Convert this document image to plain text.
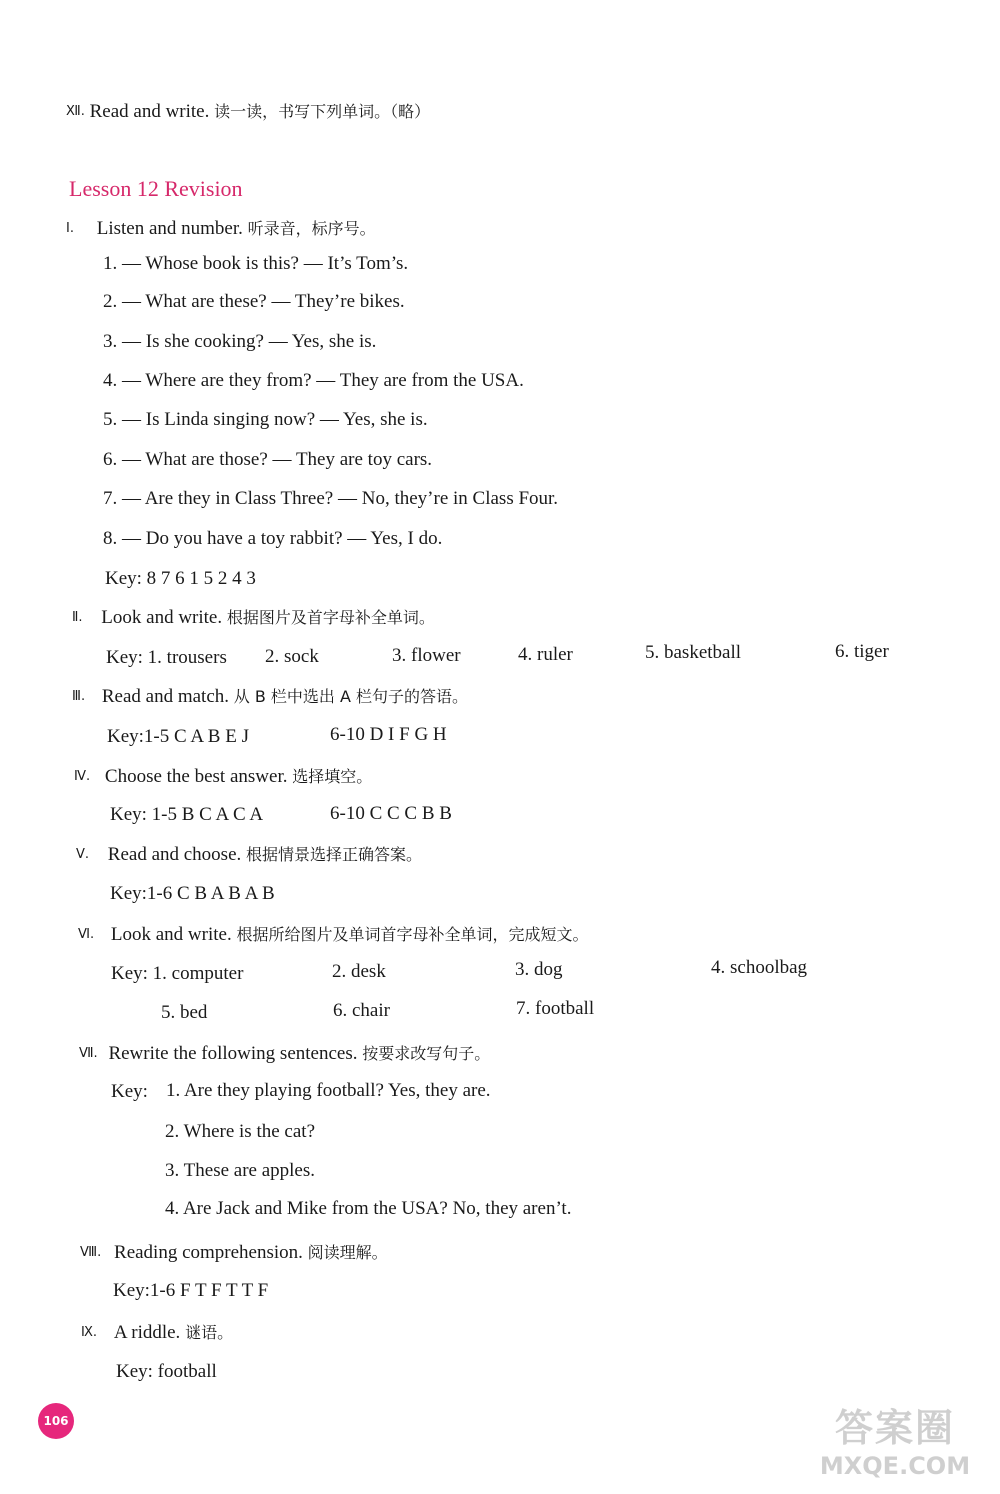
Ⅻ. Read and write. 读一读，书写下列单词。（略）
Lesson 12 Revision
Ⅰ. Listen and number. 听录音，标序号。
1. — Whose book is this? — It’s Tom’s.
2. — What are these? — They’re bikes.
3. — Is she cooking? — Yes, she is.
4. — Where are they from? — They are from the USA.
5. — Is Linda singing now? — Yes, she is.
6. — What are those? — They are toy cars.
7. — Are they in Class Three? — No, they’re in Class Four.
8. — Do you have a toy rabbit? — Yes, I do.
Key: 8 7 6 1 5 2 4 3
Ⅱ. Look and write. 根据图片及首字母补全单词。
Key: 1. trousers 2. sock	3. flower	4. ruler	5. basketball	6. tiger
Ⅲ. Read and match. 从 B 栏中选出 A 栏句子的答语。
Key:1-5 C A B E J	6-10 D I F G H
Ⅳ. Choose the best answer. 选择填空。
Key: 1-5 B C A C A	6-10 C C C B B
Ⅴ. Read and choose. 根据情景选择正确答案。
Key:1-6 C B A B A B
Ⅵ. Look and write. 根据所给图片及单词首字母补全单词，完成短文。
Key: 1. computer	2. desk	3. dog	4. schoolbag
5. bed	6. chair	7. football
Ⅶ. Rewrite the following sentences. 按要求改写句子。
Key: 1. Are they playing football? Yes, they are.
2. Where is the cat?
3. These are apples.
4. Are Jack and Mike from the USA? No, they aren’t.
Ⅷ. Reading comprehension. 阅读理解。
Key:1-6 F T F T T F
Ⅸ. A riddle. 谜语。
Key: football
106	答案圈
MXQE.COM
